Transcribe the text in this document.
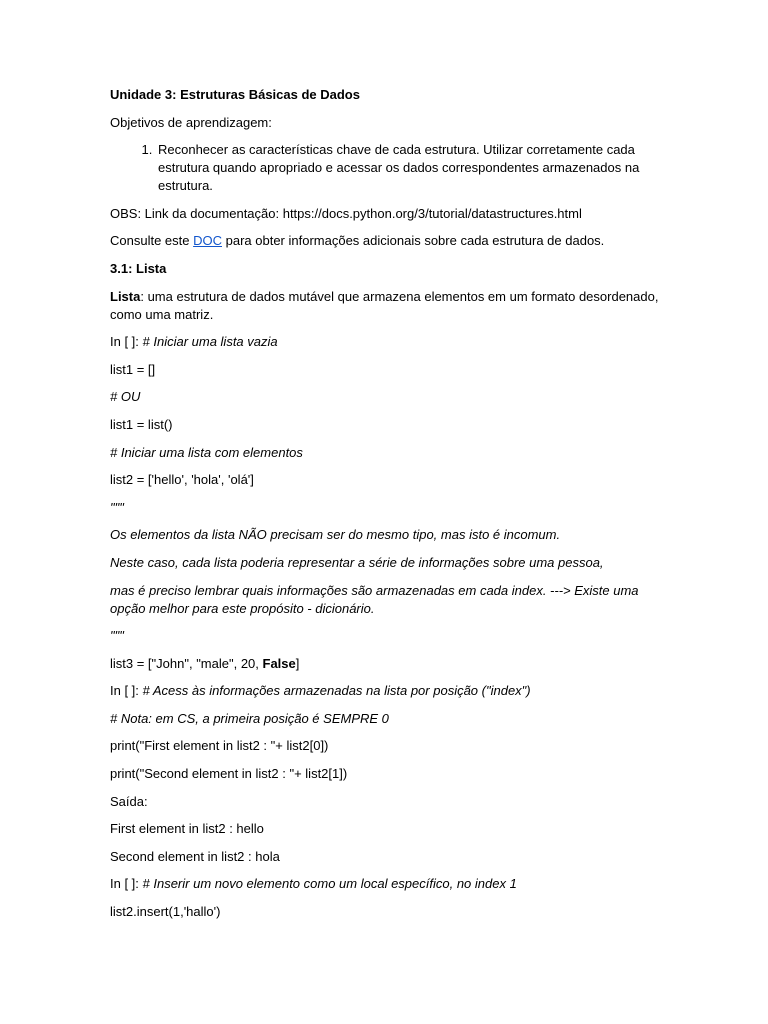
Unidade 3: Estruturas Básicas de Dados

Objetivos de aprendizagem:

1. Reconhecer as características chave de cada estrutura. Utilizar corretamente cada estrutura quando apropriado e acessar os dados correspondentes armazenados na estrutura.

OBS: Link da documentação: https://docs.python.org/3/tutorial/datastructures.html

Consulte este DOC para obter informações adicionais sobre cada estrutura de dados.

3.1: Lista

Lista: uma estrutura de dados mutável que armazena elementos em um formato desordenado, como uma matriz.

In [ ]: # Iniciar uma lista vazia

list1 = []

# OU

list1 = list()

# Iniciar uma lista com elementos

list2 = ['hello', 'hola', 'olá']

"""

Os elementos da lista NÃO precisam ser do mesmo tipo, mas isto é incomum.

Neste caso, cada lista poderia representar a série de informações sobre uma pessoa,

mas é preciso lembrar quais informações são armazenadas em cada index. ---> Existe uma opção melhor para este propósito - dicionário.

"""

list3 = ["John", "male", 20, False]

In [ ]: # Acess às informações armazenadas na lista por posição ("index")

# Nota: em CS, a primeira posição é SEMPRE 0

print("First element in list2 : "+ list2[0])

print("Second element in list2 : "+ list2[1])

Saída:

First element in list2 : hello

Second element in list2 : hola

In [ ]: # Inserir um novo elemento como um local específico, no index 1

list2.insert(1,'hallo')
